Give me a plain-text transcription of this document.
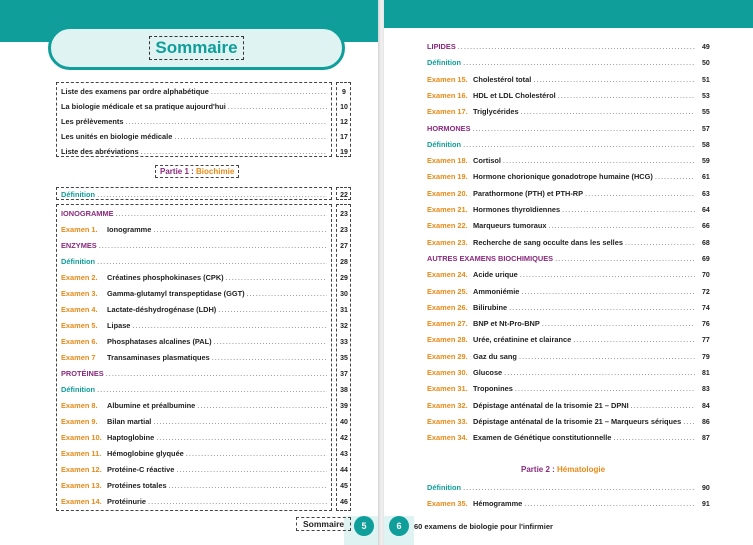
Sommaire
Liste des examens par ordre alphabétique .....	9
La biologie médicale et sa pratique aujourd'hui .....	10
Les prélèvements .....	12
Les unités en biologie médicale .....	17
Liste des abréviations .....	19
Partie 1 : Biochimie
Définition .....	22
IONOGRAMME .....	23
Examen 1.	Ionogramme .....	23
ENZYMES .....	27
Définition .....	28
Examen 2.	Créatines phosphokinases (CPK) .....	29
Examen 3.	Gamma-glutamyl transpeptidase (GGT) .....	30
Examen 4.	Lactate-déshydrogénase (LDH) .....	31
Examen 5.	Lipase .....	32
Examen 6.	Phosphatases alcalines (PAL) .....	33
Examen 7	Transaminases plasmatiques .....	35
PROTÉINES .....	37
Définition .....	38
Examen 8.	Albumine et préalbumine .....	39
Examen 9.	Bilan martial .....	40
Examen 10. Haptoglobine .....	42
Examen 11. Hémoglobine glyquée .....	43
Examen 12. Protéine-C réactive .....	44
Examen 13. Protéines totales .....	45
Examen 14. Protéinurie .....	46
Sommaire	5
LIPIDES .....	49
Définition .....	50
Examen 15. Cholestérol total .....	51
Examen 16. HDL et LDL Cholestérol .....	53
Examen 17. Triglycérides .....	55
HORMONES .....	57
Définition .....	58
Examen 18. Cortisol .....	59
Examen 19. Hormone chorionique gonadotrope humaine (HCG) .....	61
Examen 20. Parathormone (PTH) et PTH-RP .....	63
Examen 21. Hormones thyroïdiennes .....	64
Examen 22. Marqueurs tumoraux .....	66
Examen 23. Recherche de sang occulte dans les selles .....	68
AUTRES EXAMENS BIOCHIMIQUES .....	69
Examen 24. Acide urique .....	70
Examen 25. Ammoniémie .....	72
Examen 26. Bilirubine .....	74
Examen 27. BNP et Nt-Pro-BNP .....	76
Examen 28. Urée, créatinine et clairance .....	77
Examen 29. Gaz du sang .....	79
Examen 30. Glucose .....	81
Examen 31. Troponines .....	83
Examen 32. Dépistage anténatal de la trisomie 21 – DPNI .....	84
Examen 33. Dépistage anténatal de la trisomie 21 – Marqueurs sériques .....	86
Examen 34. Examen de Génétique constitutionnelle .....	87
Partie 2 : Hématologie
Définition .....	90
Examen 35. Hémogramme .....	91
6	60 examens de biologie pour l'infirmier
